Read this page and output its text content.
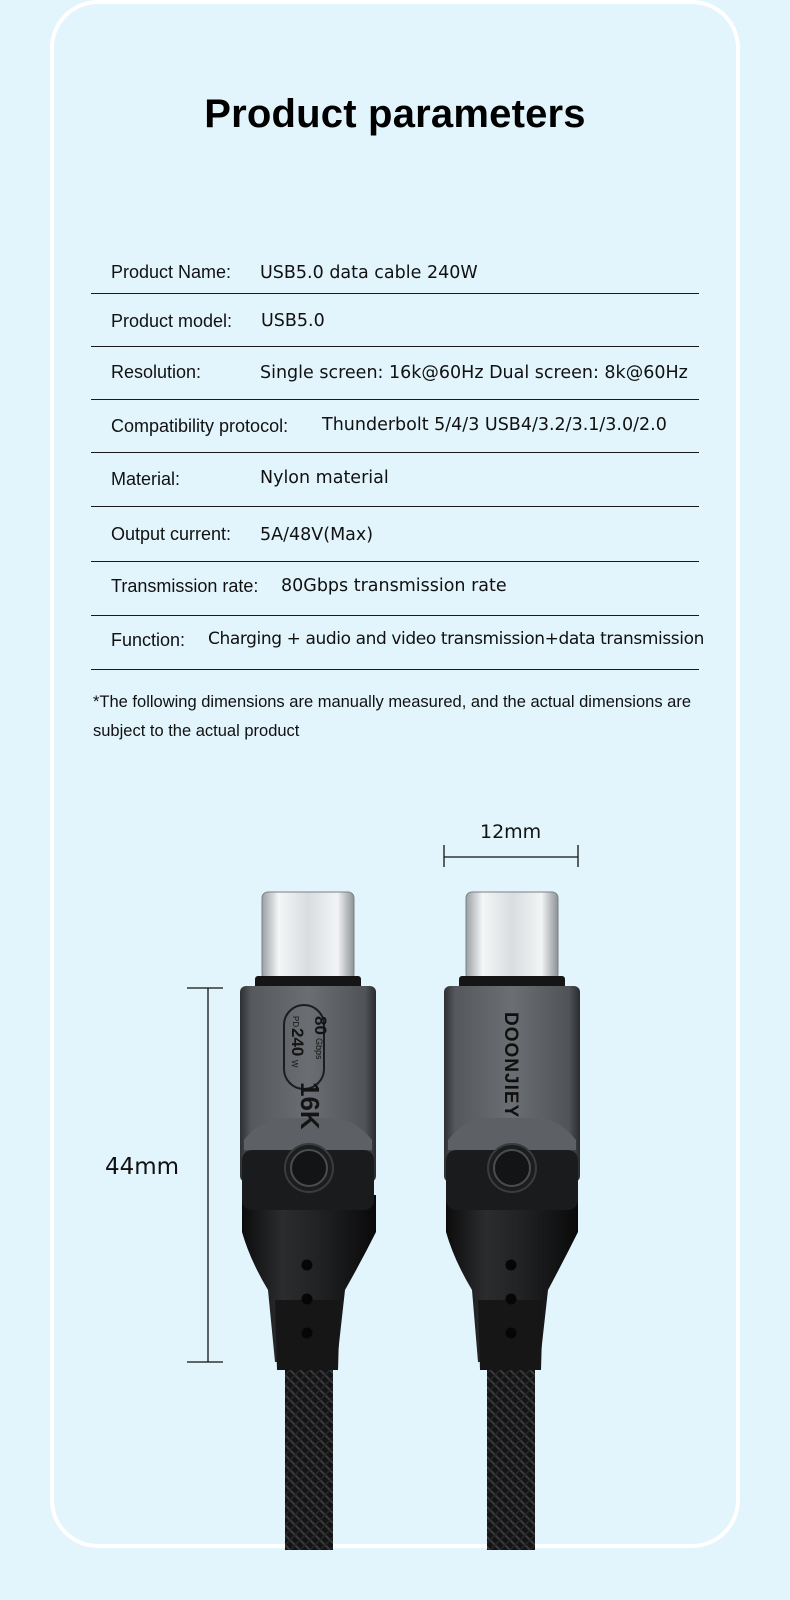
Product parameters
Product Name: USB5.0 data cable 240W
Product model: USB5.0
Resolution:	Single screen: 16k@60Hz Dual screen: 8k@60Hz
Compatibility protocol: Thunderbolt 5/4/3 USB4/3.2/3.1/3.0/2.0
Material:	Nylon material
Output current: 5A/48V(Max)
Transmission rate: 80Gbps transmission rate
Function: Charging + audio and video transmission+data transmission
*The following dimensions are manually measured, and the actual dimensions are subject to the actual product
80
Gbps
PD
240
W
16K	DOONJIEY
12mm
44mm
